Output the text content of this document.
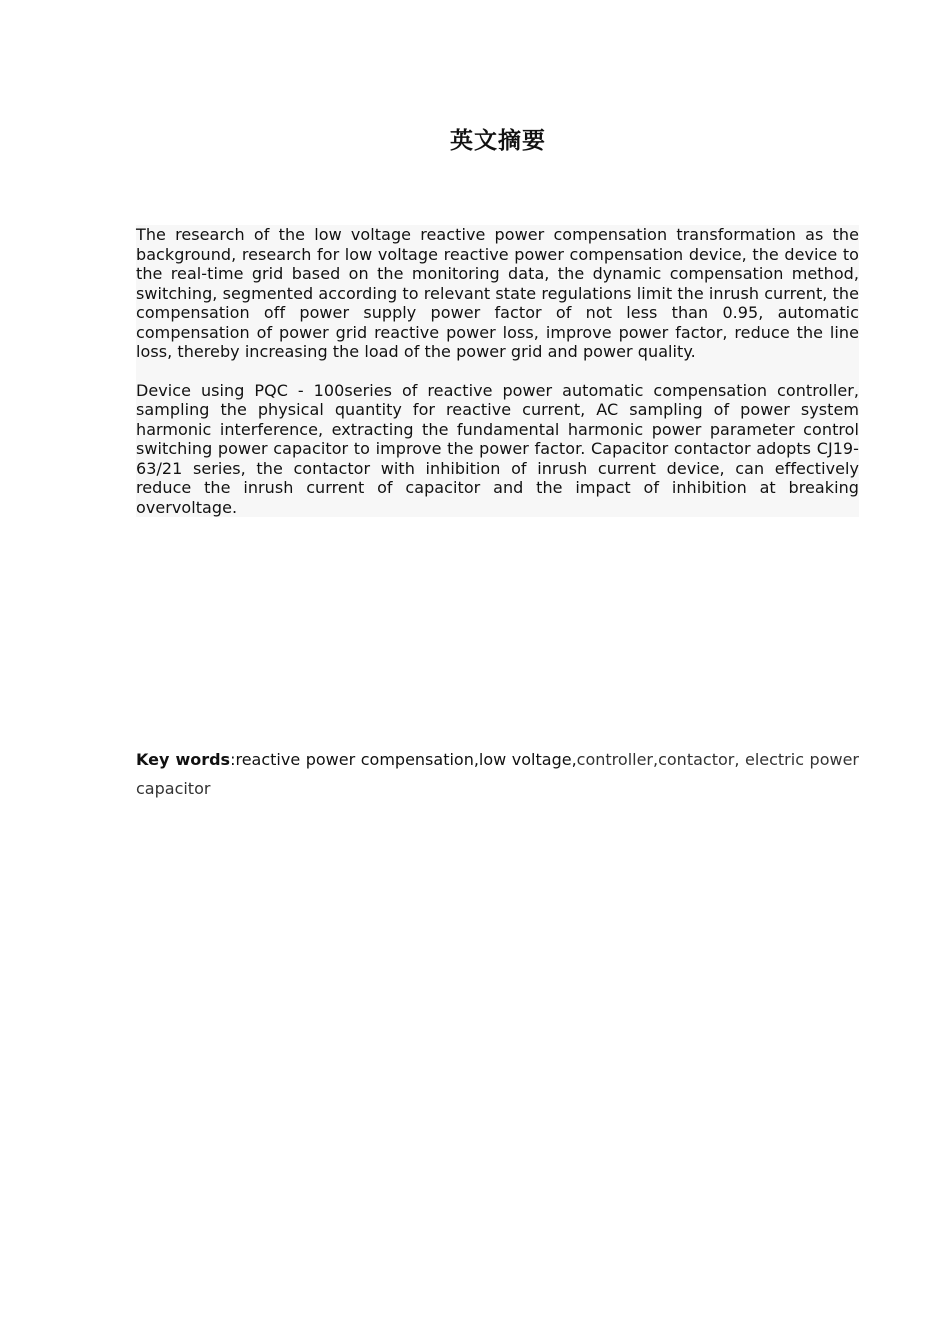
英文摘要

The research of the low voltage reactive power compensation transformation as the background, research for low voltage reactive power compensation device, the device to the real-time grid based on the monitoring data, the dynamic compensation method, switching, segmented according to relevant state regulations limit the inrush current, the compensation off power supply power factor of not less than 0.95, automatic compensation of power grid reactive power loss, improve power factor, reduce the line loss, thereby increasing the load of the power grid and power quality.

Device using PQC - 100series of reactive power automatic compensation controller, sampling the physical quantity for reactive current, AC sampling of power system harmonic interference, extracting the fundamental harmonic power parameter control switching power capacitor to improve the power factor. Capacitor contactor adopts CJ19-63/21 series, the contactor with inhibition of inrush current device, can effectively reduce the inrush current of capacitor and the impact of inhibition at breaking overvoltage.

Key words:reactive power compensation,low voltage,controller,contactor, electric power capacitor
